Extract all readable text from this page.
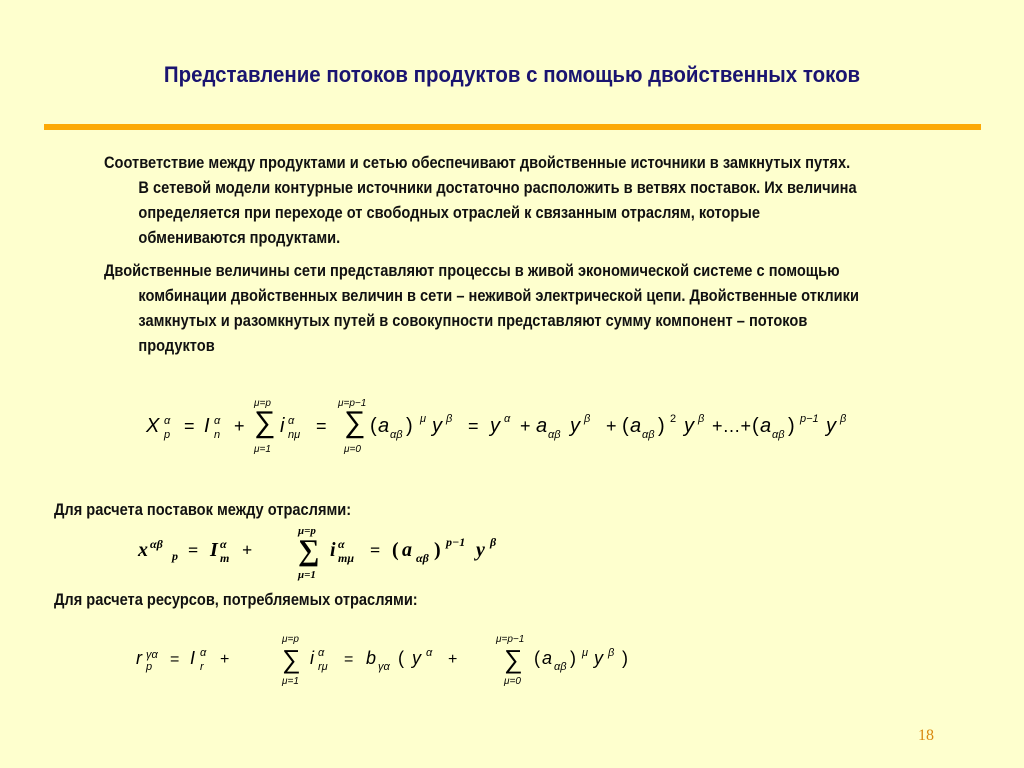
Представление потоков продуктов с помощью двойственных токов

Соответствие между продуктами и сетью обеспечивают двойственные источники в замкнутых путях. В сетевой модели контурные источники достаточно расположить в ветвях поставок. Их величина определяется при переходе от свободных отраслей к связанным отраслям, которые обмениваются продуктами.

Двойственные величины сети представляют процессы в живой экономической системе с помощью комбинации двойственных величин в сети – неживой электрической цепи. Двойственные отклики замкнутых и разомкнутых путей в совокупности представляют сумму компонент – потоков продуктов

X α
p = I α
n +
μ=p
∑
μ=1
i α
nμ =
μ=p−1
∑
μ=0
( a αβ ) μ y β = y α + a αβ y β + ( a αβ ) 2 y β +…+ ( a αβ ) p−1 y β
Для расчета поставок между отраслями:
x αβ
p = I α
m +
μ=p
∑
μ=1
i α
mμ = ( a αβ ) p−1 y β
Для расчета ресурсов, потребляемых отраслями:
r γα
p = I α
r +
μ=p
∑
μ=1
i α
rμ = b γα ( y α +
μ=p−1
∑
μ=0
( a αβ ) μ y β )
18
